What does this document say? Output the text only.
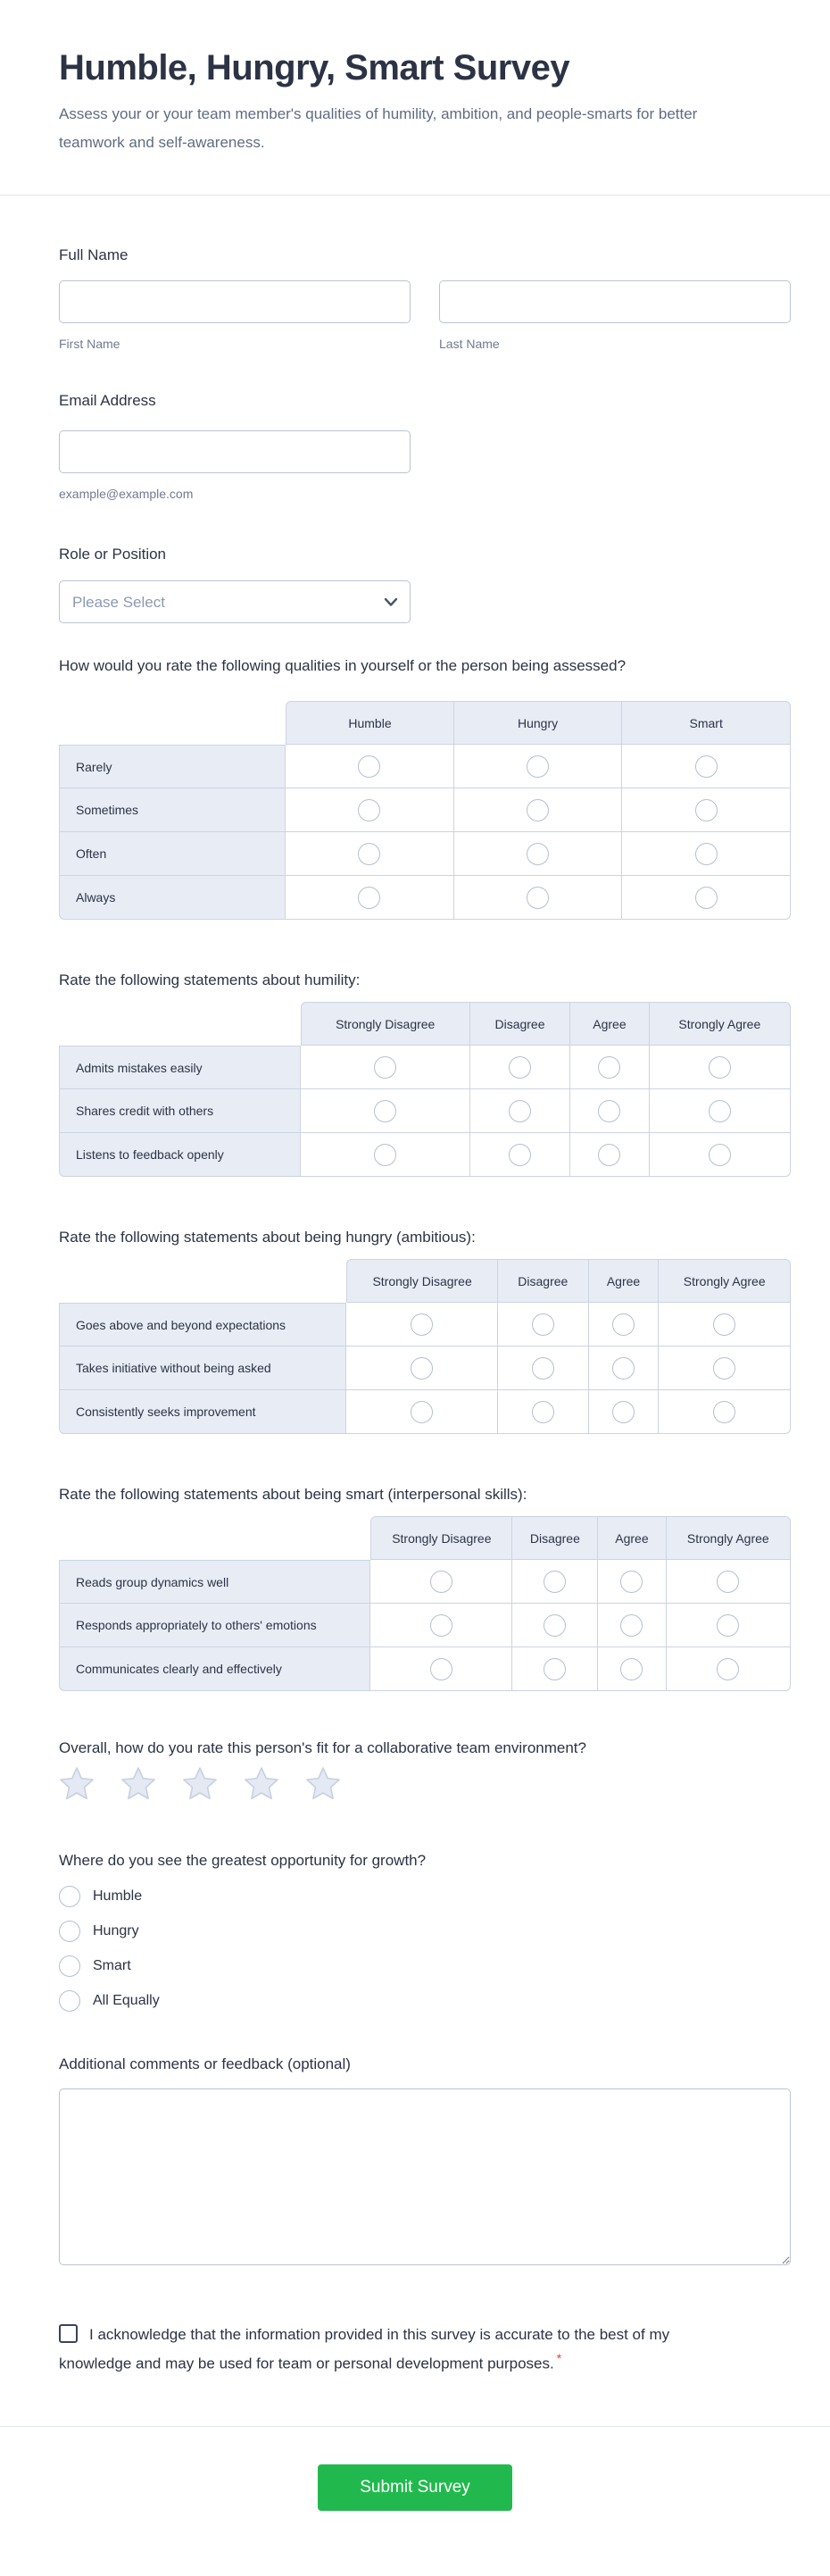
Humble, Hungry, Smart Survey

Assess your or your team member's qualities of humility, ambition, and people-smarts for better teamwork and self-awareness.

Full Name
First Name	Last Name
Email Address
example@example.com
Role or Position
Please Select
How would you rate the following qualities in yourself or the person being assessed?
	Humble	Hungry	Smart
Rarely			
Sometimes			
Often			
Always			
Rate the following statements about humility:
	Strongly Disagree	Disagree	Agree	Strongly Agree
Admits mistakes easily				
Shares credit with others				
Listens to feedback openly				
Rate the following statements about being hungry (ambitious):
	Strongly Disagree	Disagree	Agree	Strongly Agree
Goes above and beyond expectations				
Takes initiative without being asked				
Consistently seeks improvement				
Rate the following statements about being smart (interpersonal skills):
	Strongly Disagree	Disagree	Agree	Strongly Agree
Reads group dynamics well				
Responds appropriately to others' emotions				
Communicates clearly and effectively				
Overall, how do you rate this person's fit for a collaborative team environment?
Where do you see the greatest opportunity for growth?
Humble
Hungry
Smart
All Equally
Additional comments or feedback (optional)
I acknowledge that the information provided in this survey is accurate to the best of my knowledge and may be used for team or personal development purposes. *
Submit Survey
